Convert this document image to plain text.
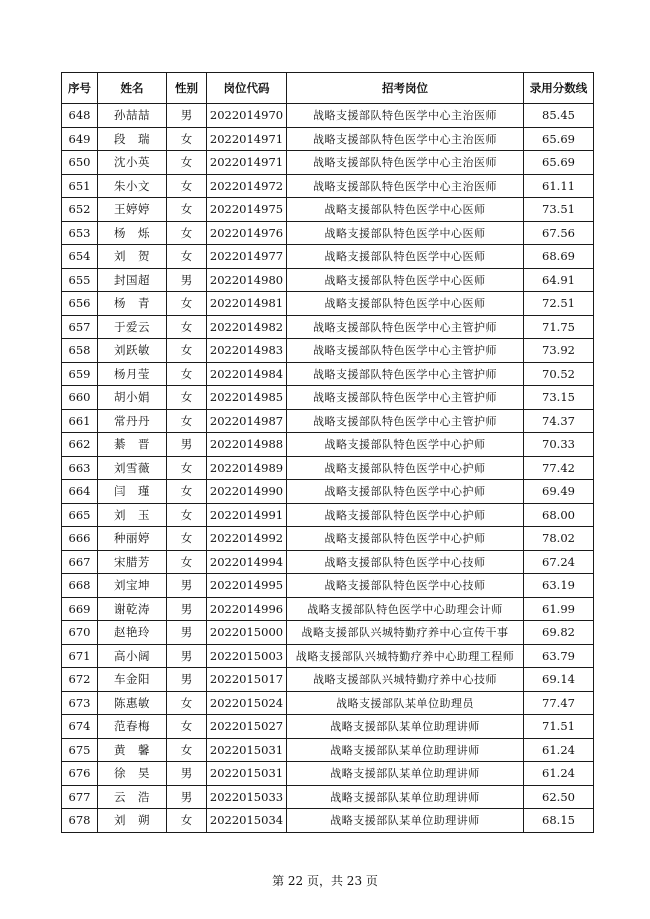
序号	姓名	性别	岗位代码	招考岗位	录用分数线
648	孙喆喆	男	2022014970	战略支援部队特色医学中心主治医师	85.45
649	段　瑞	女	2022014971	战略支援部队特色医学中心主治医师	65.69
650	沈小英	女	2022014971	战略支援部队特色医学中心主治医师	65.69
651	朱小文	女	2022014972	战略支援部队特色医学中心主治医师	61.11
652	王婷婷	女	2022014975	战略支援部队特色医学中心医师	73.51
653	杨　烁	女	2022014976	战略支援部队特色医学中心医师	67.56
654	刘　贺	女	2022014977	战略支援部队特色医学中心医师	68.69
655	封国超	男	2022014980	战略支援部队特色医学中心医师	64.91
656	杨　青	女	2022014981	战略支援部队特色医学中心医师	72.51
657	于爱云	女	2022014982	战略支援部队特色医学中心主管护师	71.75
658	刘跃敏	女	2022014983	战略支援部队特色医学中心主管护师	73.92
659	杨月莹	女	2022014984	战略支援部队特色医学中心主管护师	70.52
660	胡小娟	女	2022014985	战略支援部队特色医学中心主管护师	73.15
661	常丹丹	女	2022014987	战略支援部队特色医学中心主管护师	74.37
662	綦　晋	男	2022014988	战略支援部队特色医学中心护师	70.33
663	刘雪薇	女	2022014989	战略支援部队特色医学中心护师	77.42
664	闫　瑾	女	2022014990	战略支援部队特色医学中心护师	69.49
665	刘　玉	女	2022014991	战略支援部队特色医学中心护师	68.00
666	种丽婷	女	2022014992	战略支援部队特色医学中心护师	78.02
667	宋腊芳	女	2022014994	战略支援部队特色医学中心技师	67.24
668	刘宝坤	男	2022014995	战略支援部队特色医学中心技师	63.19
669	谢乾涛	男	2022014996	战略支援部队特色医学中心助理会计师	61.99
670	赵艳玲	男	2022015000	战略支援部队兴城特勤疗养中心宣传干事	69.82
671	高小阔	男	2022015003	战略支援部队兴城特勤疗养中心助理工程师	63.79
672	车金阳	男	2022015017	战略支援部队兴城特勤疗养中心技师	69.14
673	陈惠敏	女	2022015024	战略支援部队某单位助理员	77.47
674	范春梅	女	2022015027	战略支援部队某单位助理讲师	71.51
675	黄　馨	女	2022015031	战略支援部队某单位助理讲师	61.24
676	徐　昊	男	2022015031	战略支援部队某单位助理讲师	61.24
677	云　浩	男	2022015033	战略支援部队某单位助理讲师	62.50
678	刘　朔	女	2022015034	战略支援部队某单位助理讲师	68.15
第 22 页，共 23 页
